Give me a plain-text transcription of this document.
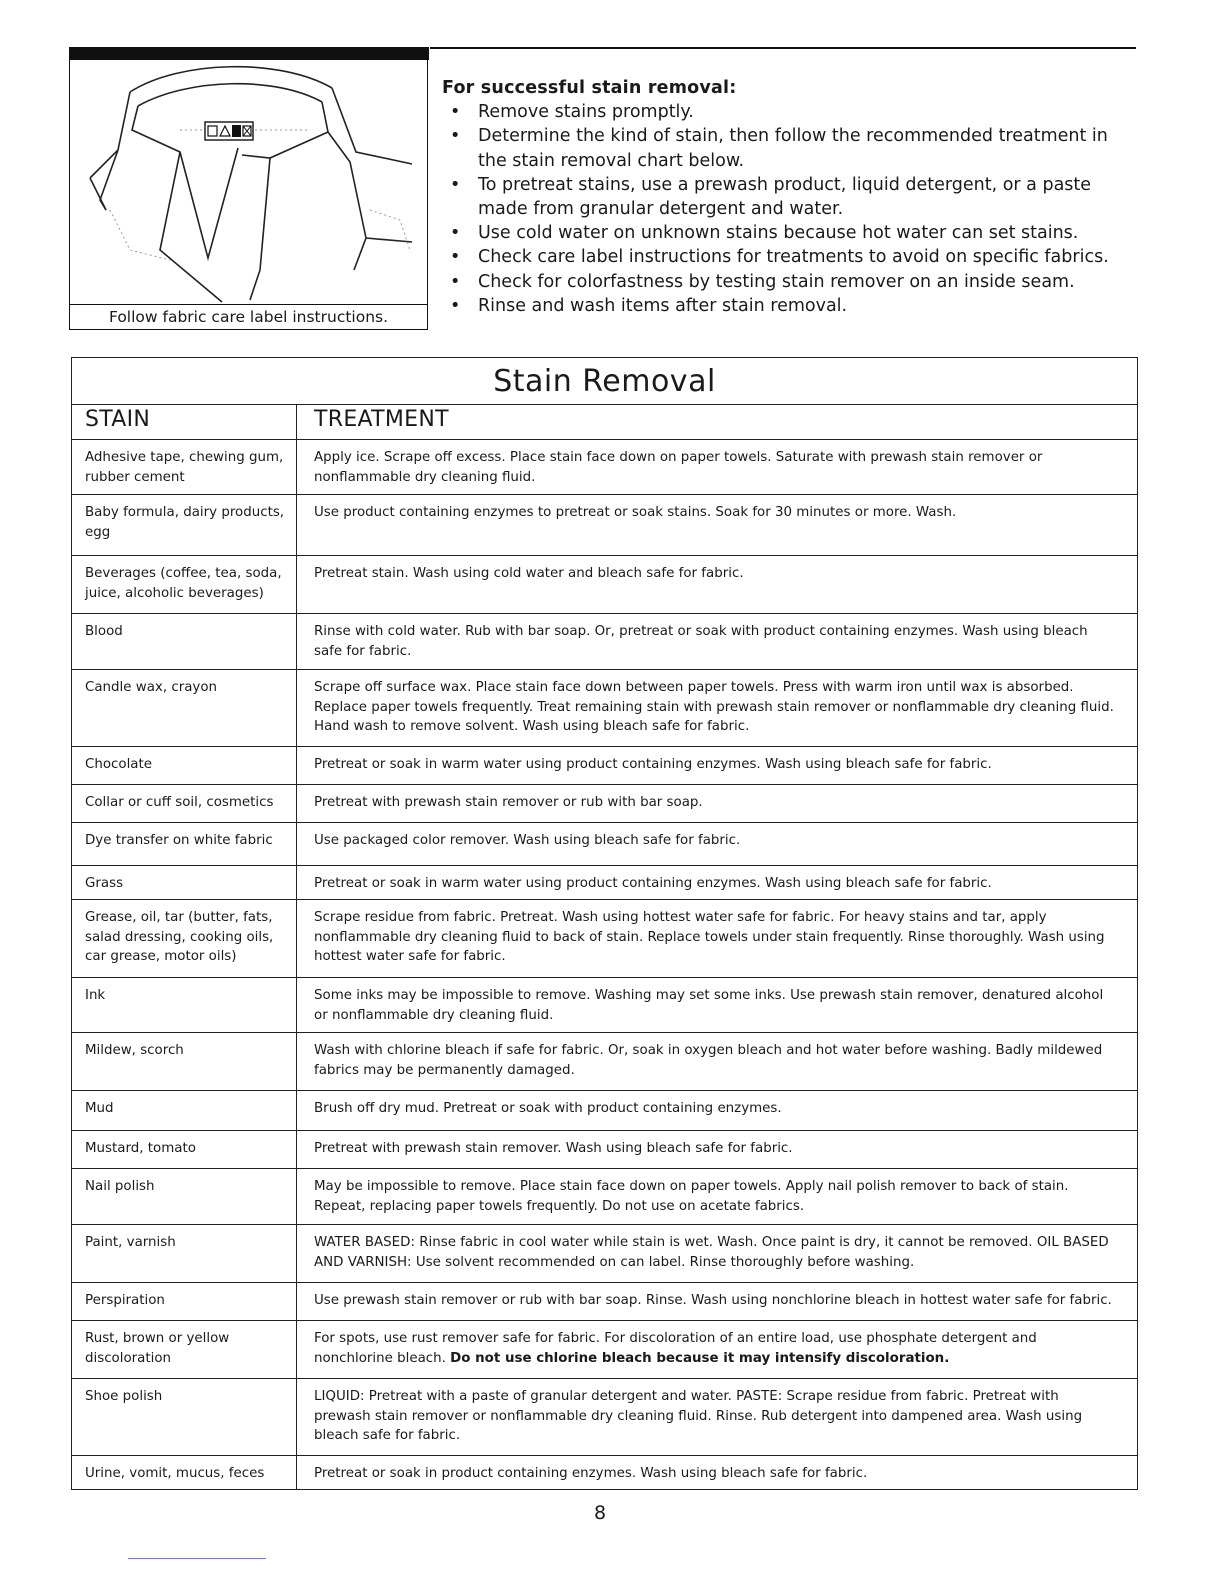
Follow fabric care label instructions.
For successful stain removal:
• Remove stains promptly.
• Determine the kind of stain, then follow the recommended treatment in the stain removal chart below.
• To pretreat stains, use a prewash product, liquid detergent, or a paste made from granular detergent and water.
• Use cold water on unknown stains because hot water can set stains.
• Check care label instructions for treatments to avoid on specific fabrics.
• Check for colorfastness by testing stain remover on an inside seam.
• Rinse and wash items after stain removal.
Stain Removal	
STAIN	TREATMENT
Adhesive tape, chewing gum, rubber cement	Apply ice. Scrape off excess. Place stain face down on paper towels. Saturate with prewash stain remover or nonflammable dry cleaning fluid.
Baby formula, dairy products, egg	Use product containing enzymes to pretreat or soak stains. Soak for 30 minutes or more. Wash.
Beverages (coffee, tea, soda, juice, alcoholic beverages)	Pretreat stain. Wash using cold water and bleach safe for fabric.
Blood	Rinse with cold water. Rub with bar soap. Or, pretreat or soak with product containing enzymes. Wash using bleach safe for fabric.
Candle wax, crayon	Scrape off surface wax. Place stain face down between paper towels. Press with warm iron until wax is absorbed. Replace paper towels frequently. Treat remaining stain with prewash stain remover or nonflammable dry cleaning fluid. Hand wash to remove solvent. Wash using bleach safe for fabric.
Chocolate	Pretreat or soak in warm water using product containing enzymes. Wash using bleach safe for fabric.
Collar or cuff soil, cosmetics	Pretreat with prewash stain remover or rub with bar soap.
Dye transfer on white fabric	Use packaged color remover. Wash using bleach safe for fabric.
Grass	Pretreat or soak in warm water using product containing enzymes. Wash using bleach safe for fabric.
Grease, oil, tar (butter, fats, salad dressing, cooking oils, car grease, motor oils)	Scrape residue from fabric. Pretreat. Wash using hottest water safe for fabric. For heavy stains and tar, apply nonflammable dry cleaning fluid to back of stain. Replace towels under stain frequently. Rinse thoroughly. Wash using hottest water safe for fabric.
Ink	Some inks may be impossible to remove. Washing may set some inks. Use prewash stain remover, denatured alcohol or nonflammable dry cleaning fluid.
Mildew, scorch	Wash with chlorine bleach if safe for fabric. Or, soak in oxygen bleach and hot water before washing. Badly mildewed fabrics may be permanently damaged.
Mud	Brush off dry mud. Pretreat or soak with product containing enzymes.
Mustard, tomato	Pretreat with prewash stain remover. Wash using bleach safe for fabric.
Nail polish	May be impossible to remove. Place stain face down on paper towels. Apply nail polish remover to back of stain. Repeat, replacing paper towels frequently. Do not use on acetate fabrics.
Paint, varnish	WATER BASED: Rinse fabric in cool water while stain is wet. Wash. Once paint is dry, it cannot be removed. OIL BASED AND VARNISH: Use solvent recommended on can label. Rinse thoroughly before washing.
Perspiration	Use prewash stain remover or rub with bar soap. Rinse. Wash using nonchlorine bleach in hottest water safe for fabric.
Rust, brown or yellow discoloration	For spots, use rust remover safe for fabric. For discoloration of an entire load, use phosphate detergent and nonchlorine bleach. Do not use chlorine bleach because it may intensify discoloration.
Shoe polish	LIQUID: Pretreat with a paste of granular detergent and water. PASTE: Scrape residue from fabric. Pretreat with prewash stain remover or nonflammable dry cleaning fluid. Rinse. Rub detergent into dampened area. Wash using bleach safe for fabric.
Urine, vomit, mucus, feces	Pretreat or soak in product containing enzymes. Wash using bleach safe for fabric.
8
